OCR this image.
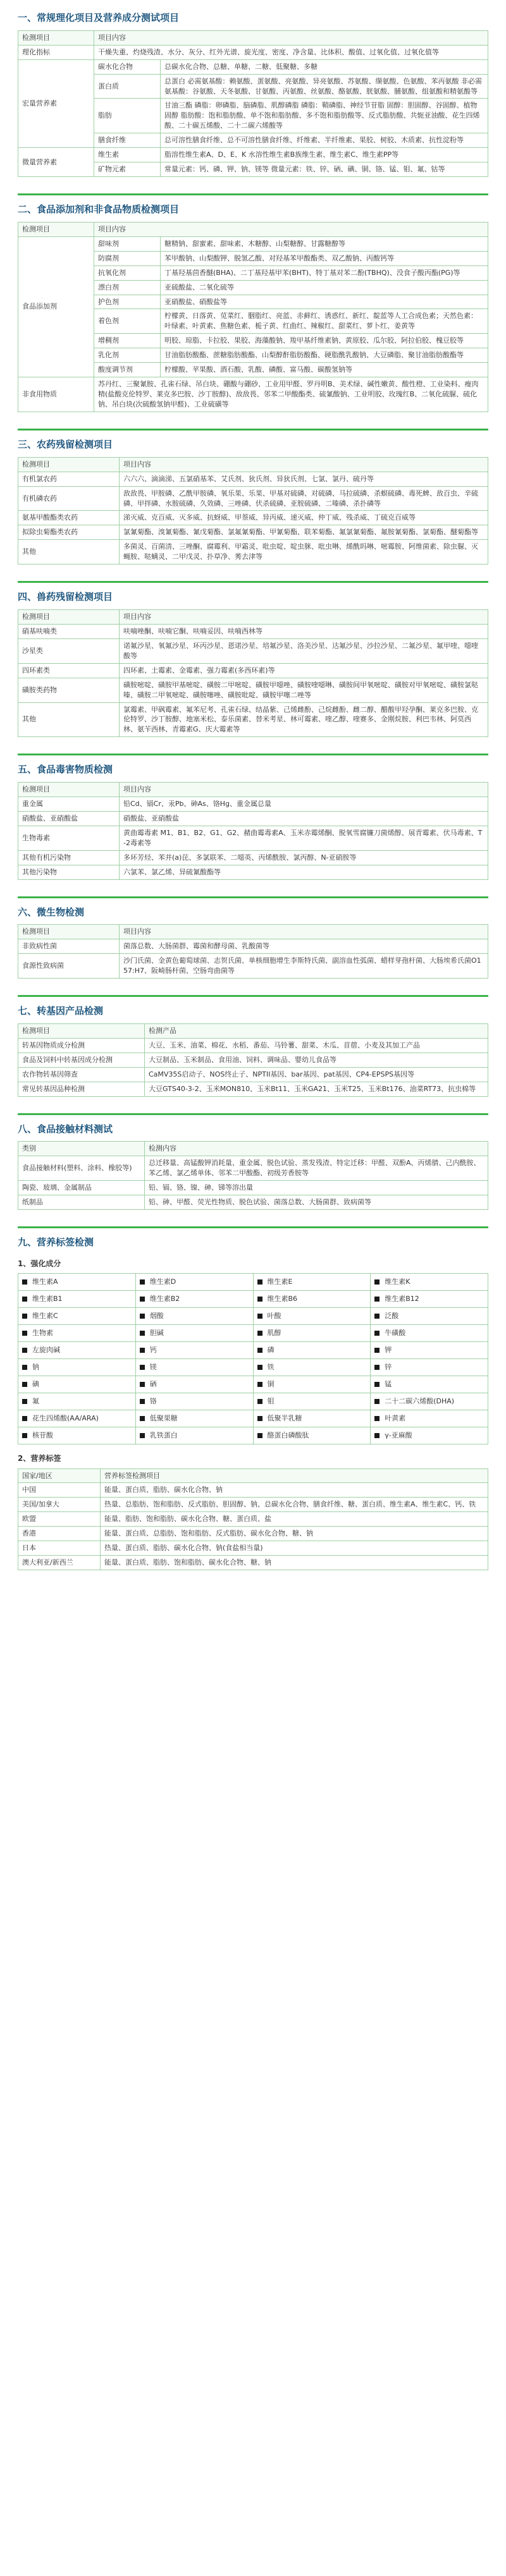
一、常规理化项目及营养成分测试项目
检测项目	项目内容	
理化指标	干燥失重、灼烧残渣、水分、灰分、红外光谱、旋光度、密度、净含量、比体积、酸值、过氧化值、过氧化值等	
宏量营养素	碳水化合物	总碳水化合物、总糖、单糖、二糖、低聚糖、多糖
	蛋白质	总蛋白 必需氨基酸：赖氨酸、蛋氨酸、亮氨酸、异亮氨酸、苏氨酸、缬氨酸、色氨酸、苯丙氨酸 非必需氨基酸：谷氨酸、天冬氨酸、甘氨酸、丙氨酸、丝氨酸、酪氨酸、胱氨酸、脯氨酸、组氨酸和精氨酸等
	脂肪	甘油三酯 磷脂：卵磷脂、脑磷脂、肌醇磷脂 磷脂：鞘磷脂、神经节苷脂 固醇：胆固醇、谷固醇、植物固醇 脂肪酸：饱和脂肪酸、单不饱和脂肪酸、多不饱和脂肪酸等、反式脂肪酸、共轭亚油酸、花生四烯酸、二十碳五烯酸、二十二碳六烯酸等
	膳食纤维	总可溶性膳食纤维、总不可溶性膳食纤维、纤维素、半纤维素、果胶、树胶、木质素、抗性淀粉等
微量营养素	维生素	脂溶性维生素A、D、E、K 水溶性维生素B族维生素、维生素C、维生素PP等
	矿物元素	常量元素：钙、磷、钾、钠、镁等 微量元素：铁、锌、硒、碘、铜、铬、锰、钼、氟、钴等
二、食品添加剂和非食品物质检测项目
检测项目	项目内容	
食品添加剂	甜味剂	糖精钠、甜蜜素、甜味素、木糖醇、山梨糖醇、甘露糖醇等
	防腐剂	苯甲酸钠、山梨酸钾、脱氢乙酸、对羟基苯甲酸酯类、双乙酸钠、丙酸钙等
	抗氧化剂	丁基羟基茴香醚(BHA)、二丁基羟基甲苯(BHT)、特丁基对苯二酚(TBHQ)、没食子酸丙酯(PG)等
	漂白剂	亚硫酸盐、二氧化硫等
	护色剂	亚硝酸盐、硝酸盐等
	着色剂	柠檬黄、日落黄、苋菜红、胭脂红、亮蓝、赤藓红、诱惑红、新红、靛蓝等人工合成色素；天然色素：叶绿素、叶黄素、焦糖色素、栀子黄、红曲红、辣椒红、甜菜红、萝卜红、姜黄等
	增稠剂	明胶、琼脂、卡拉胶、果胶、海藻酸钠、羧甲基纤维素钠、黄原胶、瓜尔胶、阿拉伯胶、槐豆胶等
	乳化剂	甘油脂肪酸酯、蔗糖脂肪酸酯、山梨醇酐脂肪酸酯、硬脂酰乳酸钠、大豆磷脂、聚甘油脂肪酸酯等
	酸度调节剂	柠檬酸、苹果酸、酒石酸、乳酸、磷酸、富马酸、碳酸氢钠等
非食用物质	苏丹红、三聚氰胺、孔雀石绿、吊白块、硼酸与硼砂、工业用甲醛、罗丹明B、美术绿、碱性嫩黄、酸性橙、工业染料、瘦肉精(盐酸克伦特罗、莱克多巴胺、沙丁胺醇)、敌敌畏、邻苯二甲酸酯类、硫氰酸钠、工业明胶、玫瑰红B、二氧化硫脲、硫化钠、吊白块(次硫酸氢钠甲醛)、工业硫磺等	
三、农药残留检测项目
检测项目	项目内容
有机氯农药	六六六、滴滴涕、五氯硝基苯、艾氏剂、狄氏剂、异狄氏剂、七氯、氯丹、硫丹等
有机磷农药	敌敌畏、甲胺磷、乙酰甲胺磷、氧乐果、乐果、甲基对硫磷、对硫磷、马拉硫磷、杀螟硫磷、毒死蜱、敌百虫、辛硫磷、甲拌磷、水胺硫磷、久效磷、三唑磷、伏杀硫磷、亚胺硫磷、二嗪磷、杀扑磷等
氨基甲酸酯类农药	涕灭威、克百威、灭多威、抗蚜威、甲萘威、异丙威、速灭威、仲丁威、残杀威、丁硫克百威等
拟除虫菊酯类农药	氯氰菊酯、溴氰菊酯、氰戊菊酯、氯氟氰菊酯、甲氰菊酯、联苯菊酯、氟氯氰菊酯、氟胺氰菊酯、氯菊酯、醚菊酯等
其他	多菌灵、百菌清、三唑酮、腐霉利、甲霜灵、吡虫啶、啶虫脒、吡虫啉、烯酰吗啉、嘧霉胺、阿维菌素、除虫脲、灭蝇胺、哒螨灵、二甲戊灵、扑草净、莠去津等
四、兽药残留检测项目
检测项目	项目内容
硝基呋喃类	呋喃唑酮、呋喃它酮、呋喃妥因、呋喃西林等
沙星类	诺氟沙星、氧氟沙星、环丙沙星、恩诺沙星、培氟沙星、洛美沙星、达氟沙星、沙拉沙星、二氟沙星、氟甲喹、噁喹酸等
四环素类	四环素、土霉素、金霉素、强力霉素(多西环素)等
磺胺类药物	磺胺嘧啶、磺胺甲基嘧啶、磺胺二甲嘧啶、磺胺甲噁唑、磺胺喹噁啉、磺胺间甲氧嘧啶、磺胺对甲氧嘧啶、磺胺氯哒嗪、磺胺二甲氧嘧啶、磺胺噻唑、磺胺吡啶、磺胺甲噻二唑等
其他	氯霉素、甲砜霉素、氟苯尼考、孔雀石绿、结晶紫、己烯雌酚、己烷雌酚、雌二醇、醋酸甲羟孕酮、莱克多巴胺、克伦特罗、沙丁胺醇、地塞米松、泰乐菌素、替米考星、林可霉素、喹乙醇、喹赛多、金刚烷胺、利巴韦林、阿莫西林、氨苄西林、青霉素G、庆大霉素等
五、食品毒害物质检测
检测项目	项目内容
重金属	铅Cd、镉Cr、汞Pb、砷As、铬Hg、重金属总量
硝酸盐、亚硝酸盐	硝酸盐、亚硝酸盐
生物毒素	黄曲霉毒素 M1、B1、B2、G1、G2、赭曲霉毒素A、玉米赤霉烯酮、脱氧雪腐镰刀菌烯醇、展青霉素、伏马毒素、T-2毒素等
其他有机污染物	多环芳烃、苯并(a)芘、多氯联苯、二噁英、丙烯酰胺、氯丙醇、N-亚硝胺等
其他污染物	六氯苯、氯乙烯、异硫氰酸酯等
六、微生物检测
检测项目	项目内容
非致病性菌	菌落总数、大肠菌群、霉菌和酵母菌、乳酸菌等
食源性致病菌	沙门氏菌、金黄色葡萄球菌、志贺氏菌、单核细胞增生李斯特氏菌、副溶血性弧菌、蜡样芽孢杆菌、大肠埃希氏菌O157:H7、阪崎肠杆菌、空肠弯曲菌等
七、转基因产品检测
检测项目	检测产品
转基因物质成分检测	大豆、玉米、油菜、棉花、水稻、番茄、马铃薯、甜菜、木瓜、苜蓿、小麦及其加工产品
食品及饲料中转基因成分检测	大豆制品、玉米制品、食用油、饲料、调味品、婴幼儿食品等
农作物转基因筛查	CaMV35S启动子、NOS终止子、NPTII基因、bar基因、pat基因、CP4-EPSPS基因等
常见转基因品种检测	大豆GTS40-3-2、玉米MON810、玉米Bt11、玉米GA21、玉米T25、玉米Bt176、油菜RT73、抗虫棉等
八、食品接触材料测试
类别	检测内容
食品接触材料(塑料、涂料、橡胶等)	总迁移量、高锰酸钾消耗量、重金属、脱色试验、蒸发残渣、特定迁移：甲醛、双酚A、丙烯腈、己内酰胺、苯乙烯、氯乙烯单体、邻苯二甲酸酯、初级芳香胺等
陶瓷、玻璃、金属制品	铅、镉、铬、镍、砷、锑等溶出量
纸制品	铅、砷、甲醛、荧光性物质、脱色试验、菌落总数、大肠菌群、致病菌等
九、营养标签检测
1、强化成分
维生素A	维生素D	维生素E	维生素K
维生素B1	维生素B2	维生素B6	维生素B12
维生素C	烟酸	叶酸	泛酸
生物素	胆碱	肌醇	牛磺酸
左旋肉碱	钙	磷	钾
钠	镁	铁	锌
碘	硒	铜	锰
氟	铬	钼	二十二碳六烯酸(DHA)
花生四烯酸(AA/ARA)	低聚果糖	低聚半乳糖	叶黄素
核苷酸	乳铁蛋白	酪蛋白磷酸肽	γ-亚麻酸
2、营养标签
国家/地区	营养标签检测项目
中国	能量、蛋白质、脂肪、碳水化合物、钠
美国/加拿大	热量、总脂肪、饱和脂肪、反式脂肪、胆固醇、钠、总碳水化合物、膳食纤维、糖、蛋白质、维生素A、维生素C、钙、铁
欧盟	能量、脂肪、饱和脂肪、碳水化合物、糖、蛋白质、盐
香港	能量、蛋白质、总脂肪、饱和脂肪、反式脂肪、碳水化合物、糖、钠
日本	热量、蛋白质、脂肪、碳水化合物、钠(食盐相当量)
澳大利亚/新西兰	能量、蛋白质、脂肪、饱和脂肪、碳水化合物、糖、钠
